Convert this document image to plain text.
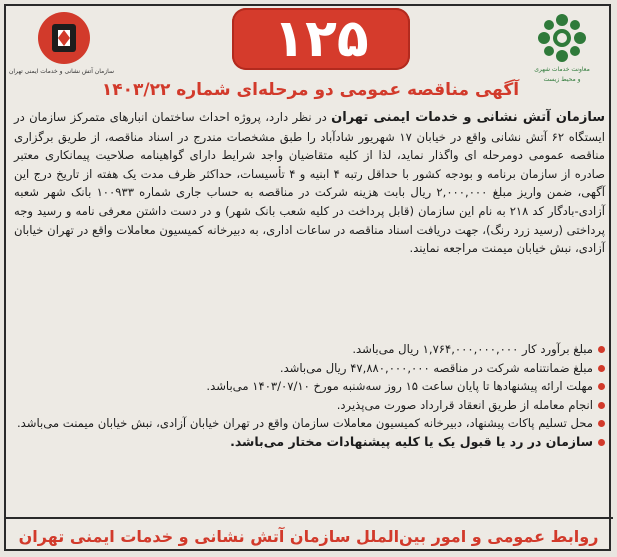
سازمان آتش نشانی و خدمات ایمنی تهران
۱۲۵
معاونت خدمات شهری
و محیط زیست
آگهی مناقصه عمومی دو مرحله‌ای شماره ۱۴۰۳/۲۲
سازمان آتش نشانی و خدمات ایمنی تهران در نظر دارد، پروژه احداث ساختمان انبارهای متمرکز سازمان در ایستگاه ۶۲ آتش نشانی واقع در خیابان ۱۷ شهریور شادآباد را طبق مشخصات مندرج در اسناد مناقصه، از طریق برگزاری مناقصه عمومی دومرحله ای واگذار نماید، لذا از کلیه متقاضیان واجد شرایط دارای گواهینامه صلاحیت پیمانکاری معتبر صادره از سازمان برنامه و بودجه کشور با حداقل رتبه ۴ ابنیه و ۴ تأسیسات، حداکثر ظرف مدت یک هفته از تاریخ درج این آگهی، ضمن واریز مبلغ ۲,۰۰۰,۰۰۰ ریال بابت هزینه شرکت در مناقصه به حساب جاری شماره ۱۰۰۹۳۳ بانک شهر شعبه آزادی-بادگار کد ۲۱۸ به نام این سازمان (قابل پرداخت در کلیه شعب بانک شهر) و در دست داشتن معرفی نامه و رسید وجه پرداختی (رسید زرد رنگ)، جهت دریافت اسناد مناقصه در ساعات اداری، به دبیرخانه کمیسیون معاملات واقع در تهران خیابان آزادی، نبش خیابان میمنت مراجعه نمایند.
مبلغ برآورد کار ۱,۷۶۴,۰۰۰,۰۰۰,۰۰۰ ریال می‌باشد.
مبلغ ضمانتنامه شرکت در مناقصه ۴۷,۸۸۰,۰۰۰,۰۰۰ ریال می‌باشد.
مهلت ارائه پیشنهادها تا پایان ساعت ۱۵ روز سه‌شنبه مورخ ۱۴۰۳/۰۷/۱۰ می‌باشد.
انجام معامله از طریق انعقاد قرارداد صورت می‌پذیرد.
محل تسلیم پاکات پیشنهاد، دبیرخانه کمیسیون معاملات سازمان واقع در تهران خیابان آزادی، نبش خیابان میمنت می‌باشد.
سازمان در رد یا قبول یک یا کلیه پیشنهادات مختار می‌باشد.
روابط عمومی و امور بین‌الملل سازمان آتش نشانی و خدمات ایمنی تهران
